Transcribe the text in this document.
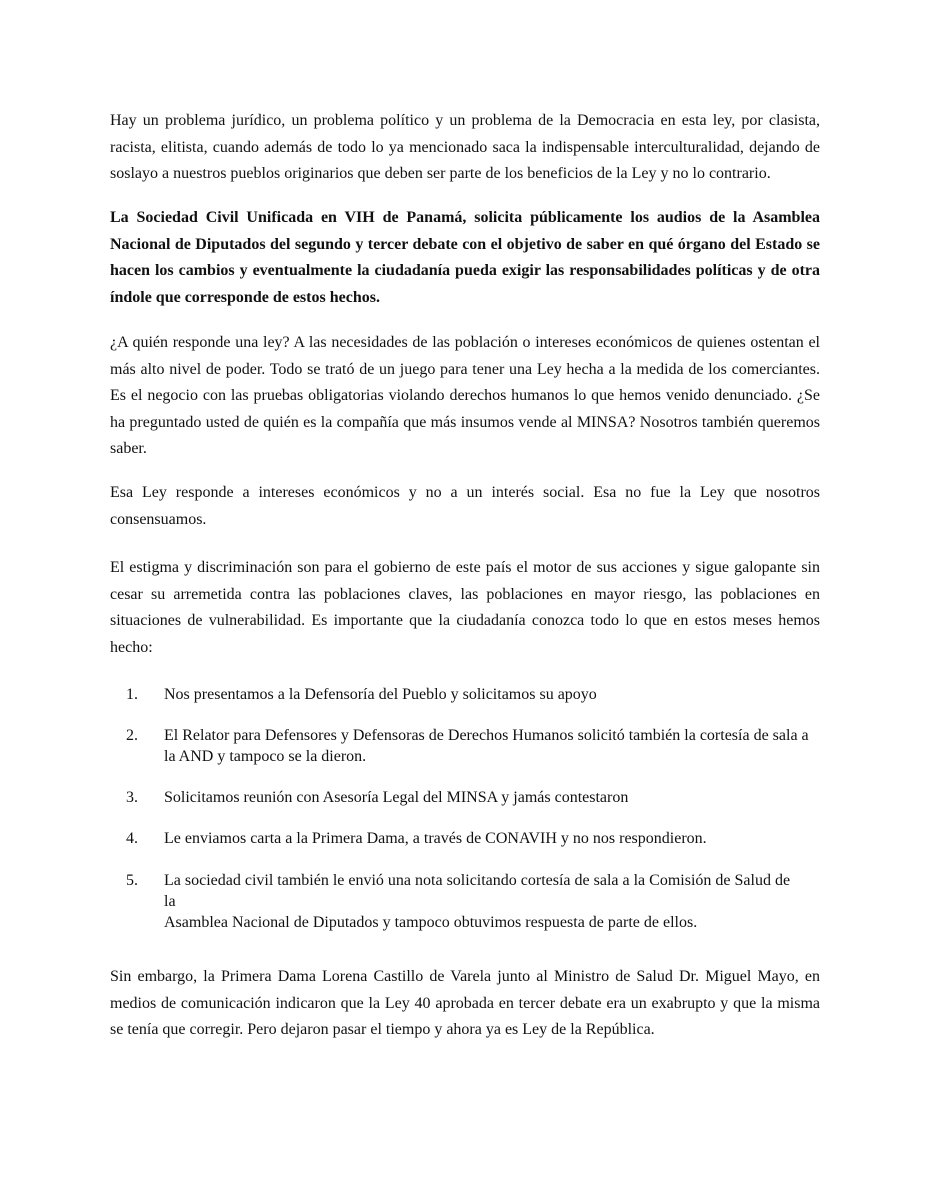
Hay un problema jurídico, un problema político y un problema de la Democracia en esta ley, por clasista, racista, elitista, cuando además de todo lo ya mencionado saca la indispensable interculturalidad, dejando de soslayo a nuestros pueblos originarios que deben ser parte de los beneficios de la Ley y no lo contrario.

La Sociedad Civil Unificada en VIH de Panamá, solicita públicamente los audios de la Asamblea Nacional de Diputados del segundo y tercer debate con el objetivo de saber en qué órgano del Estado se hacen los cambios y eventualmente la ciudadanía pueda exigir las responsabilidades políticas y de otra índole que corresponde de estos hechos.

¿A quién responde una ley? A las necesidades de las población o intereses económicos de quienes ostentan el más alto nivel de poder. Todo se trató de un juego para tener una Ley hecha a la medida de los comerciantes. Es el negocio con las pruebas obligatorias violando derechos humanos lo que hemos venido denunciado. ¿Se ha preguntado usted de quién es la compañía que más insumos vende al MINSA? Nosotros también queremos saber.

Esa Ley responde a intereses económicos y no a un interés social. Esa no fue la Ley que nosotros consensuamos.

El estigma y discriminación son para el gobierno de este país el motor de sus acciones y sigue galopante sin cesar su arremetida contra las poblaciones claves, las poblaciones en mayor riesgo, las poblaciones en situaciones de vulnerabilidad. Es importante que la ciudadanía conozca todo lo que en estos meses hemos hecho:

1. Nos presentamos a la Defensoría del Pueblo y solicitamos su apoyo

2. El Relator para Defensores y Defensoras de Derechos Humanos solicitó también la cortesía de sala a la AND y tampoco se la dieron.

3. Solicitamos reunión con Asesoría Legal del MINSA y jamás contestaron

4. Le enviamos carta a la Primera Dama, a través de CONAVIH y no nos respondieron.

5. La sociedad civil también le envió una nota solicitando cortesía de sala a la Comisión de Salud de
la
Asamblea Nacional de Diputados y tampoco obtuvimos respuesta de parte de ellos.

Sin embargo, la Primera Dama Lorena Castillo de Varela junto al Ministro de Salud Dr. Miguel Mayo, en medios de comunicación indicaron que la Ley 40 aprobada en tercer debate era un exabrupto y que la misma se tenía que corregir. Pero dejaron pasar el tiempo y ahora ya es Ley de la República.
